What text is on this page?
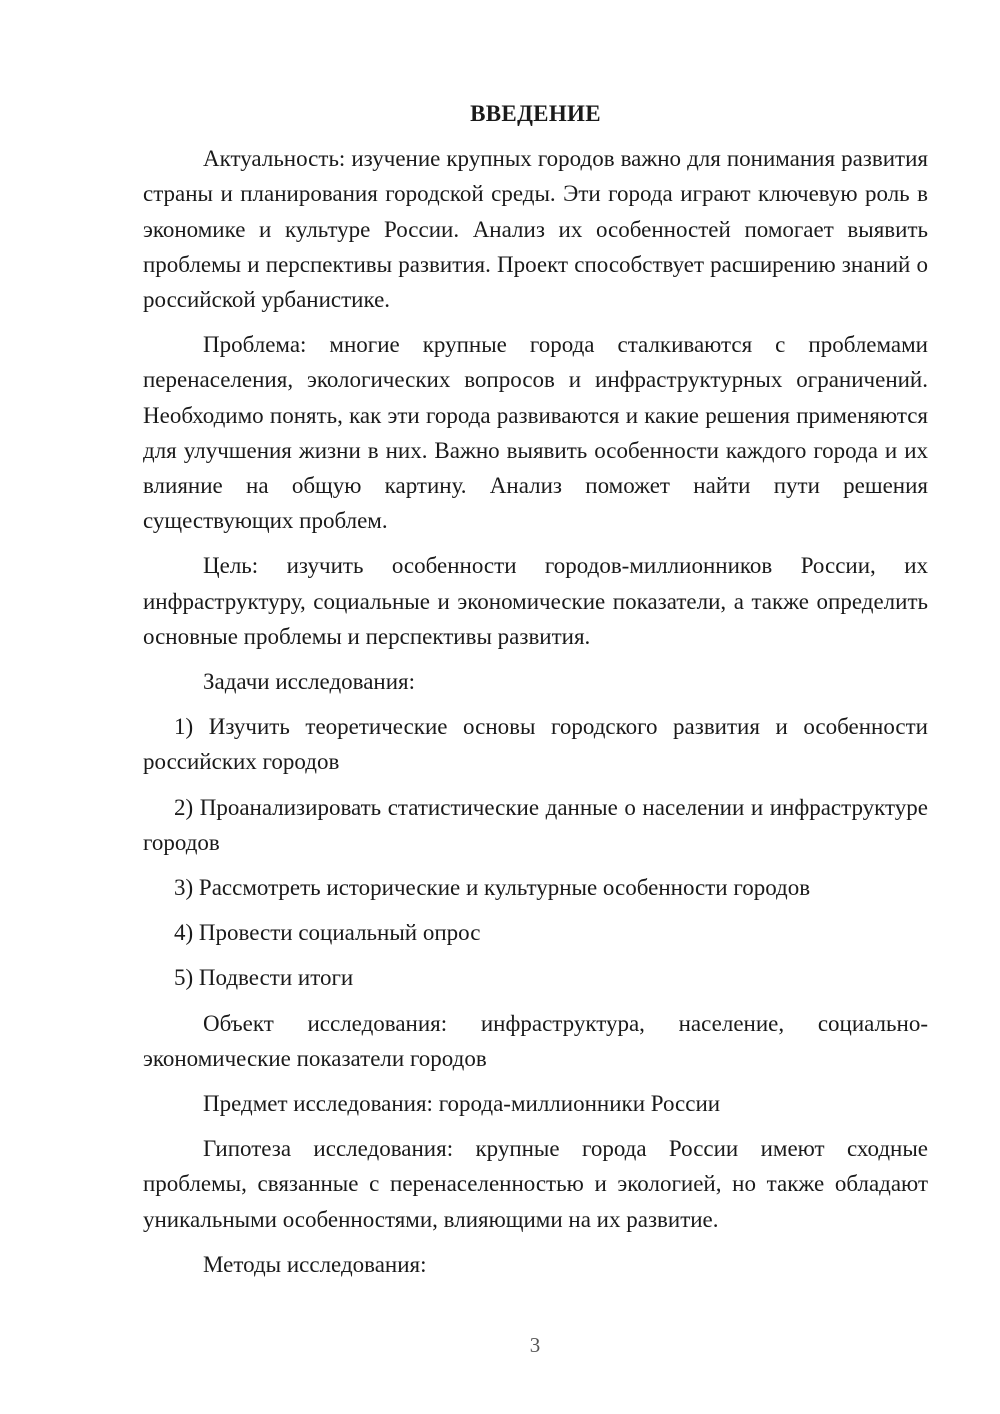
ВВЕДЕНИЕ

Актуальность: изучение крупных городов важно для понимания развития страны и планирования городской среды. Эти города играют ключевую роль в экономике и культуре России. Анализ их особенностей помогает выявить проблемы и перспективы развития. Проект способствует расширению знаний о российской урбанистике.

Проблема: многие крупные города сталкиваются с проблемами перенаселения, экологических вопросов и инфраструктурных ограничений. Необходимо понять, как эти города развиваются и какие решения применяются для улучшения жизни в них. Важно выявить особенности каждого города и их влияние на общую картину. Анализ поможет найти пути решения существующих проблем.

Цель: изучить особенности городов-миллионников России, их инфраструктуру, социальные и экономические показатели, а также определить основные проблемы и перспективы развития.

Задачи исследования:

1) Изучить теоретические основы городского развития и особенности российских городов

2) Проанализировать статистические данные о населении и инфраструктуре городов

3) Рассмотреть исторические и культурные особенности городов

4) Провести социальный опрос

5) Подвести итоги

Объект исследования: инфраструктура, население, социально-экономические показатели городов

Предмет исследования: города-миллионники России

Гипотеза исследования: крупные города России имеют сходные проблемы, связанные с перенаселенностью и экологией, но также обладают уникальными особенностями, влияющими на их развитие.

Методы исследования:

3
